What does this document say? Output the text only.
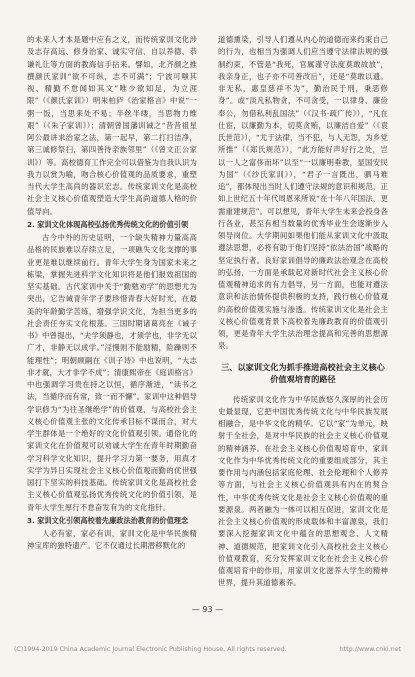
的未来人才本是题中应有之义，而传统家训文化涉及志存高远、修身治家、诚实守信、自以养德、恭谦礼让等方面的教海信手拈来。譬如，北齐颜之推撰颜氏家训“欲不可纵，志不可满”；宁波可嗤其视、精勤不怠闻如其文”唯少欲知足，为立涯限”（《颜氏家训》）明朱柏庐《治家格言》中说“一粥一饭，当思来处不易；半丝半缕，当思物力维艰”（《朱子家训》）；清朝曾国藩训诫之“昔昔祖星阿公最讲求治家之法，第一起早，第二打扫洁净，第三诚修祭扫，第四善待亲族邻里”（《曾文正公家训》）等。高校德育工作完全可以借鉴为自我认识为我力以赏为喻，吻合核心价值观的品质要求，重塑当代大学生高尚的器识宏志。传统家训文化是高校社会主义核心价值观塑造大学生高尚道德人格的价值导向。

2. 家训文化体现高校弘扬优秀传统文化的价值引领

古今中外的历史证明，一个缺失精神力量高高品格的民族难以存续立足，一项礁失文化支撑的事业更是难以继续前行。青年大学生身为国家未来之栋梁，掌握先进科学文化知识将是他们报效祖国的坚实基础。古代家训中关于“勤勉劝学”的思想尤为突出，它告诫青年学子要珍惜青春大好时光，在最美的年龄勤学苦练，增强学识文化，为担当更多的社会责任夯实文化根基。三国时期诸葛亮在《诫子书》中曾提出，“夫学须静也，才须学也，非学无以广才，非静无以成学。”淫慢则不能励精，险躁则不能理性”；明朝顾嗣在《训子诗》中也说明，“大志非才就，大才非学不成”；清康熙帝在《庭训格言》中也强调学习贵在持之以恒，循序渐进，“读书之法，当循序而有常，致一而不懈”。家训中这种倡导学识修为“为往圣继绝学”的价值观，与高校社会主义核心价值观主张的文化传承目标不谋而合，对大学生群体是一个绝好的文化价值观引领。通俗化的家训文化在价值观可以劝诚大学生在青年时期勤奋学习科学文化知识，提升学习力第一要务，用真才实学为异日实现社会主义核心价值观而勤的优世强国打下坚实的科技基础。传统家训文化是高校社会主义核心价值观弘扬优秀传统文化的价值引领，是青年大学生厚行不怠奋发有为的文化指针。

3. 家训文化引领高校着先廉政法治教育的价值理念

人必有家，家必有训，家训文化是中华民族精神宝库的独特遗产。它不仅通过长期潜移默化的

道德熏染，引导人们遵从内心的道德而来约束自己的行为，也相当为强调人们应当遵守法律法规的强制约束，不管是“我死，官属谨守法度莫敢故放”，我亲身正，也子亦不可善改后”，还是“莫敢以遗。非无私，惠皇慈祥不为”，勤治民于刑，秉恶修身”。或“淡凡私物贪，不可贪受，一以律身、廉俭奉公，勿借私利乱国法”（《汉书·疏广传》），“凡在仕宦，以廉勤为本，切莫贪贿，以廉洁自爱”（《袁氏世范》），“尤于法律，当不犯，与人无怨，为乡党所推”（《郑氏规范》），“此方能好声好行之处，岂以一人之富侈而坏”以至“一以廉明垂教，显国安民为国”（《沙氏家训》），“君子一言既出，驷马难追”，都体现出当时人们遵守法规的意识和规范，正如上世纪五十年代周恩来所说“在十年八年国法，更需重建规范”。可以想见，青年大学生未来会投身各行各业，甚至有相当数量的优秀毕业生会逐渐步入领导岗位。大学期间如果他们能从家训文化中汲取遵法思想，必将有助于他们坚持“依法治国”战略的坚定执行者。良好家训倡导的廉政法治观念在高校的弘扬，一方面是承载起对新时代社会主义核心价值观精神追求的有力倡导，另一方面，也能对遵法意识和法治情怀提供积极的支持，践行核心价值观的高校价值观实施与渗透。传统家训文化是社会主义核心价值观背景下高校着先廉政教育的价值观引领，更是青年大学生法治理念提高和完善的思想源泉。

三、以家训文化为抓手推进高校社会主义核心价值观培育的路径

传统家训文化作为中华民族悠久深厚的社会历史最显现，它把中国优秀传统文化与中华民族发展相融合，是中华文化的精华。它以“家”为单元，映射于全社会，是对中华民族的社会主义核心价值观的精神涵养。在社会主义核心价值观培育中，家训文化作为中华优秀传统文化的重要组成部分，其主要作用与内涵包括家庭伦理、社会伦理和个人修养等方面，与社会主义核心价值观具有内在的契合性，中华优秀传统文化是社会主义核心价值观的重要源泉。两者融为一体可以相互促进，家训文化是社会主义核心价值观的形成载体和丰富源泉，我们要深入挖掘家训文化中蕴含的思想观念、人文精神、道德规范，把家训文化引入高校社会主义核心价值观教育，充分发挥家训文化在社会主义核心价值观培育中的作用，用家训文化滋养大学生的精神世界，提升其道德素养。

— 93 —
(C)1994-2019 China Academic Journal Electronic Publishing House. All rights reserved.	http://www.cnki.net
